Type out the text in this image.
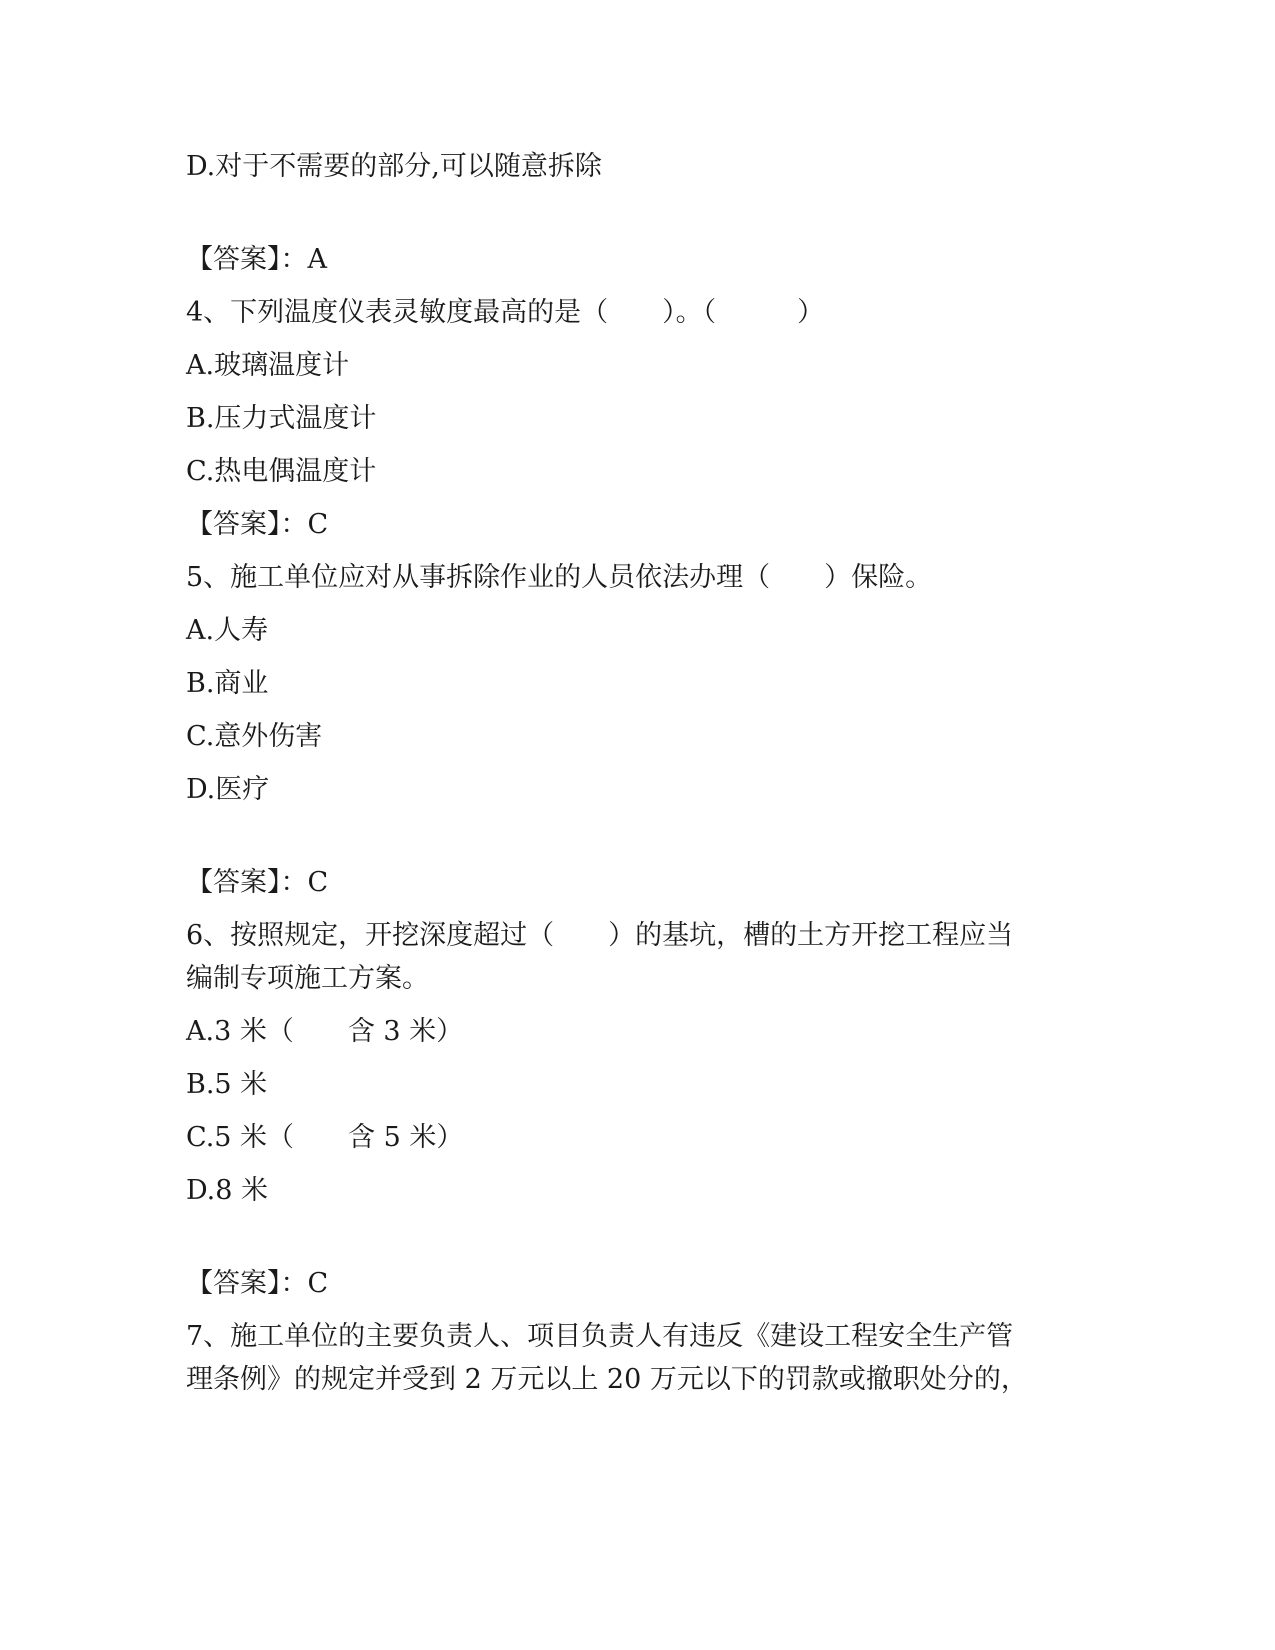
D.对于不需要的部分,可以随意拆除
【答案】：A
4、下列温度仪表灵敏度最高的是（　　）。（　　　）
A.玻璃温度计
B.压力式温度计
C.热电偶温度计
【答案】：C
5、施工单位应对从事拆除作业的人员依法办理（　　）保险。
A.人寿
B.商业
C.意外伤害
D.医疗
【答案】：C
6、按照规定，开挖深度超过（　　）的基坑，槽的土方开挖工程应当
编制专项施工方案。
A.3 米（　　含 3 米）
B.5 米
C.5 米（　　含 5 米）
D.8 米
【答案】：C
7、施工单位的主要负责人、项目负责人有违反《建设工程安全生产管
理条例》的规定并受到 2 万元以上 20 万元以下的罚款或撤职处分的，
